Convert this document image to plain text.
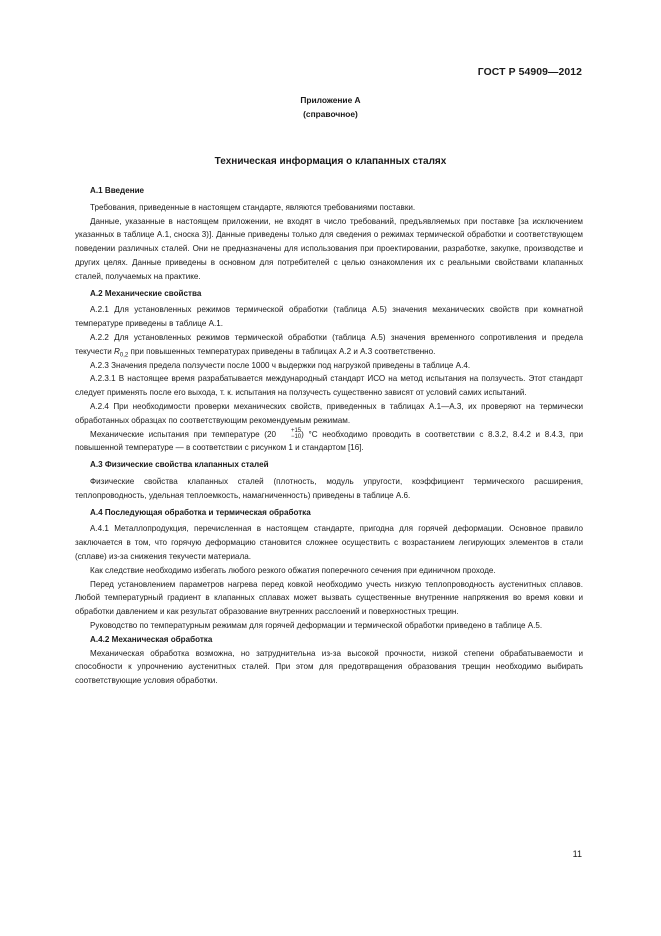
ГОСТ Р 54909—2012
Приложение А
(справочное)
Техническая информация о клапанных сталях

А.1 Введение

Требования, приведенные в настоящем стандарте, являются требованиями поставки.

Данные, указанные в настоящем приложении, не входят в число требований, предъявляемых при поставке [за исключением указанных в таблице А.1, сноска 3)]. Данные приведены только для сведения о режимах термической обработки и соответствующем поведении различных сталей. Они не предназначены для использования при проектировании, разработке, закупке, производстве и других целях. Данные приведены в основном для потребителей с целью ознакомления их с реальными свойствами клапанных сталей, получаемых на практике.

А.2 Механические свойства

А.2.1 Для установленных режимов термической обработки (таблица А.5) значения механических свойств при комнатной температуре приведены в таблице А.1.

А.2.2 Для установленных режимов термической обработки (таблица А.5) значения временного сопротивления и предела текучести $R_{0,2}$ при повышенных температурах приведены в таблицах А.2 и А.3 соответственно.

А.2.3 Значения предела ползучести после 1000 ч выдержки под нагрузкой приведены в таблице А.4.

А.2.3.1 В настоящее время разрабатывается международный стандарт ИСО на метод испытания на ползучесть. Этот стандарт следует применять после его выхода, т. к. испытания на ползучесть существенно зависят от условий самих испытаний.

А.2.4 При необходимости проверки механических свойств, приведенных в таблицах А.1—А.3, их проверяют на термически обработанных образцах по соответствующим рекомендуемым режимам.

Механические испытания при температуре (20	+15
−10 ) °С необходимо проводить в соответствии с 8.3.2, 8.4.2 и 8.4.3, при повышенной температуре — в соответствии с рисунком 1 и стандартом [16].

А.3 Физические свойства клапанных сталей

Физические свойства клапанных сталей (плотность, модуль упругости, коэффициент термического расширения, теплопроводность, удельная теплоемкость, намагниченность) приведены в таблице А.6.

А.4 Последующая обработка и термическая обработка

А.4.1 Металлопродукция, перечисленная в настоящем стандарте, пригодна для горячей деформации. Основное правило заключается в том, что горячую деформацию становится сложнее осуществить с возрастанием легирующих элементов в стали (сплаве) из-за снижения текучести материала.

Как следствие необходимо избегать любого резкого обжатия поперечного сечения при единичном проходе.

Перед установлением параметров нагрева перед ковкой необходимо учесть низкую теплопроводность аустенитных сплавов. Любой температурный градиент в клапанных сплавах может вызвать существенные внутренние напряжения во время ковки и обработки давлением и как результат образование внутренних расслоений и поверхностных трещин.

Руководство по температурным режимам для горячей деформации и термической обработки приведено в таблице А.5.

А.4.2 Механическая обработка

Механическая обработка возможна, но затруднительна из-за высокой прочности, низкой степени обрабатываемости и способности к упрочнению аустенитных сталей. При этом для предотвращения образования трещин необходимо выбирать соответствующие условия обработки.

11
